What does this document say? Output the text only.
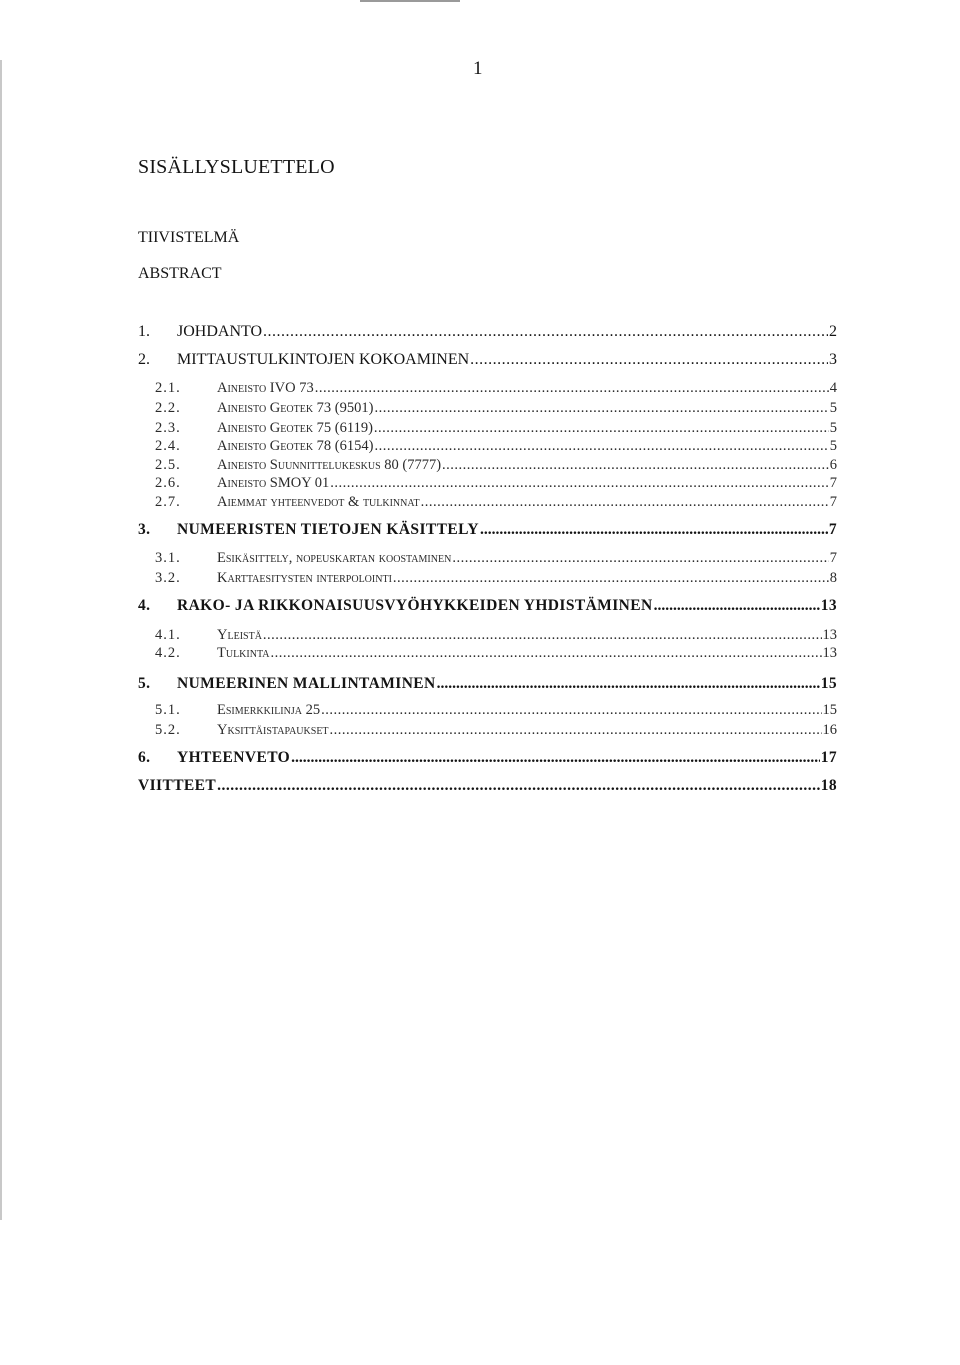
1
SISÄLLYSLUETTELO
TIIVISTELMÄ
ABSTRACT
1.	JOHDANTO .....	2
2.	MITTAUSTULKINTOJEN KOKOAMINEN .....	3
2.1.	Aineisto IVO 73 .....	4
2.2.	Aineisto Geotek 73 (9501) .....	5
2.3.	Aineisto Geotek 75 (6119) .....	5
2.4.	Aineisto Geotek 78 (6154) .....	5
2.5.	Aineisto Suunnittelukeskus 80 (7777) .....	6
2.6.	Aineisto SMOY 01 .....	7
2.7.	Aiemmat yhteenvedot & tulkinnat .....	7
3.	NUMEERISTEN TIETOJEN KÄSITTELY .....	7
3.1.	Esikäsittely, nopeuskartan koostaminen .....	7
3.2.	Karttaesitysten interpolointi .....	8
4.	RAKO- JA RIKKONAISUUSVYÖHYKKEIDEN YHDISTÄMINEN .....	13
4.1.	Yleistä .....	13
4.2.	Tulkinta .....	13
5.	NUMEERINEN MALLINTAMINEN .....	15
5.1.	Esimerkkilinja 25 .....	15
5.2.	Yksittäistapaukset .....	16
6.	YHTEENVETO .....	17
VIITTEET .....	18
